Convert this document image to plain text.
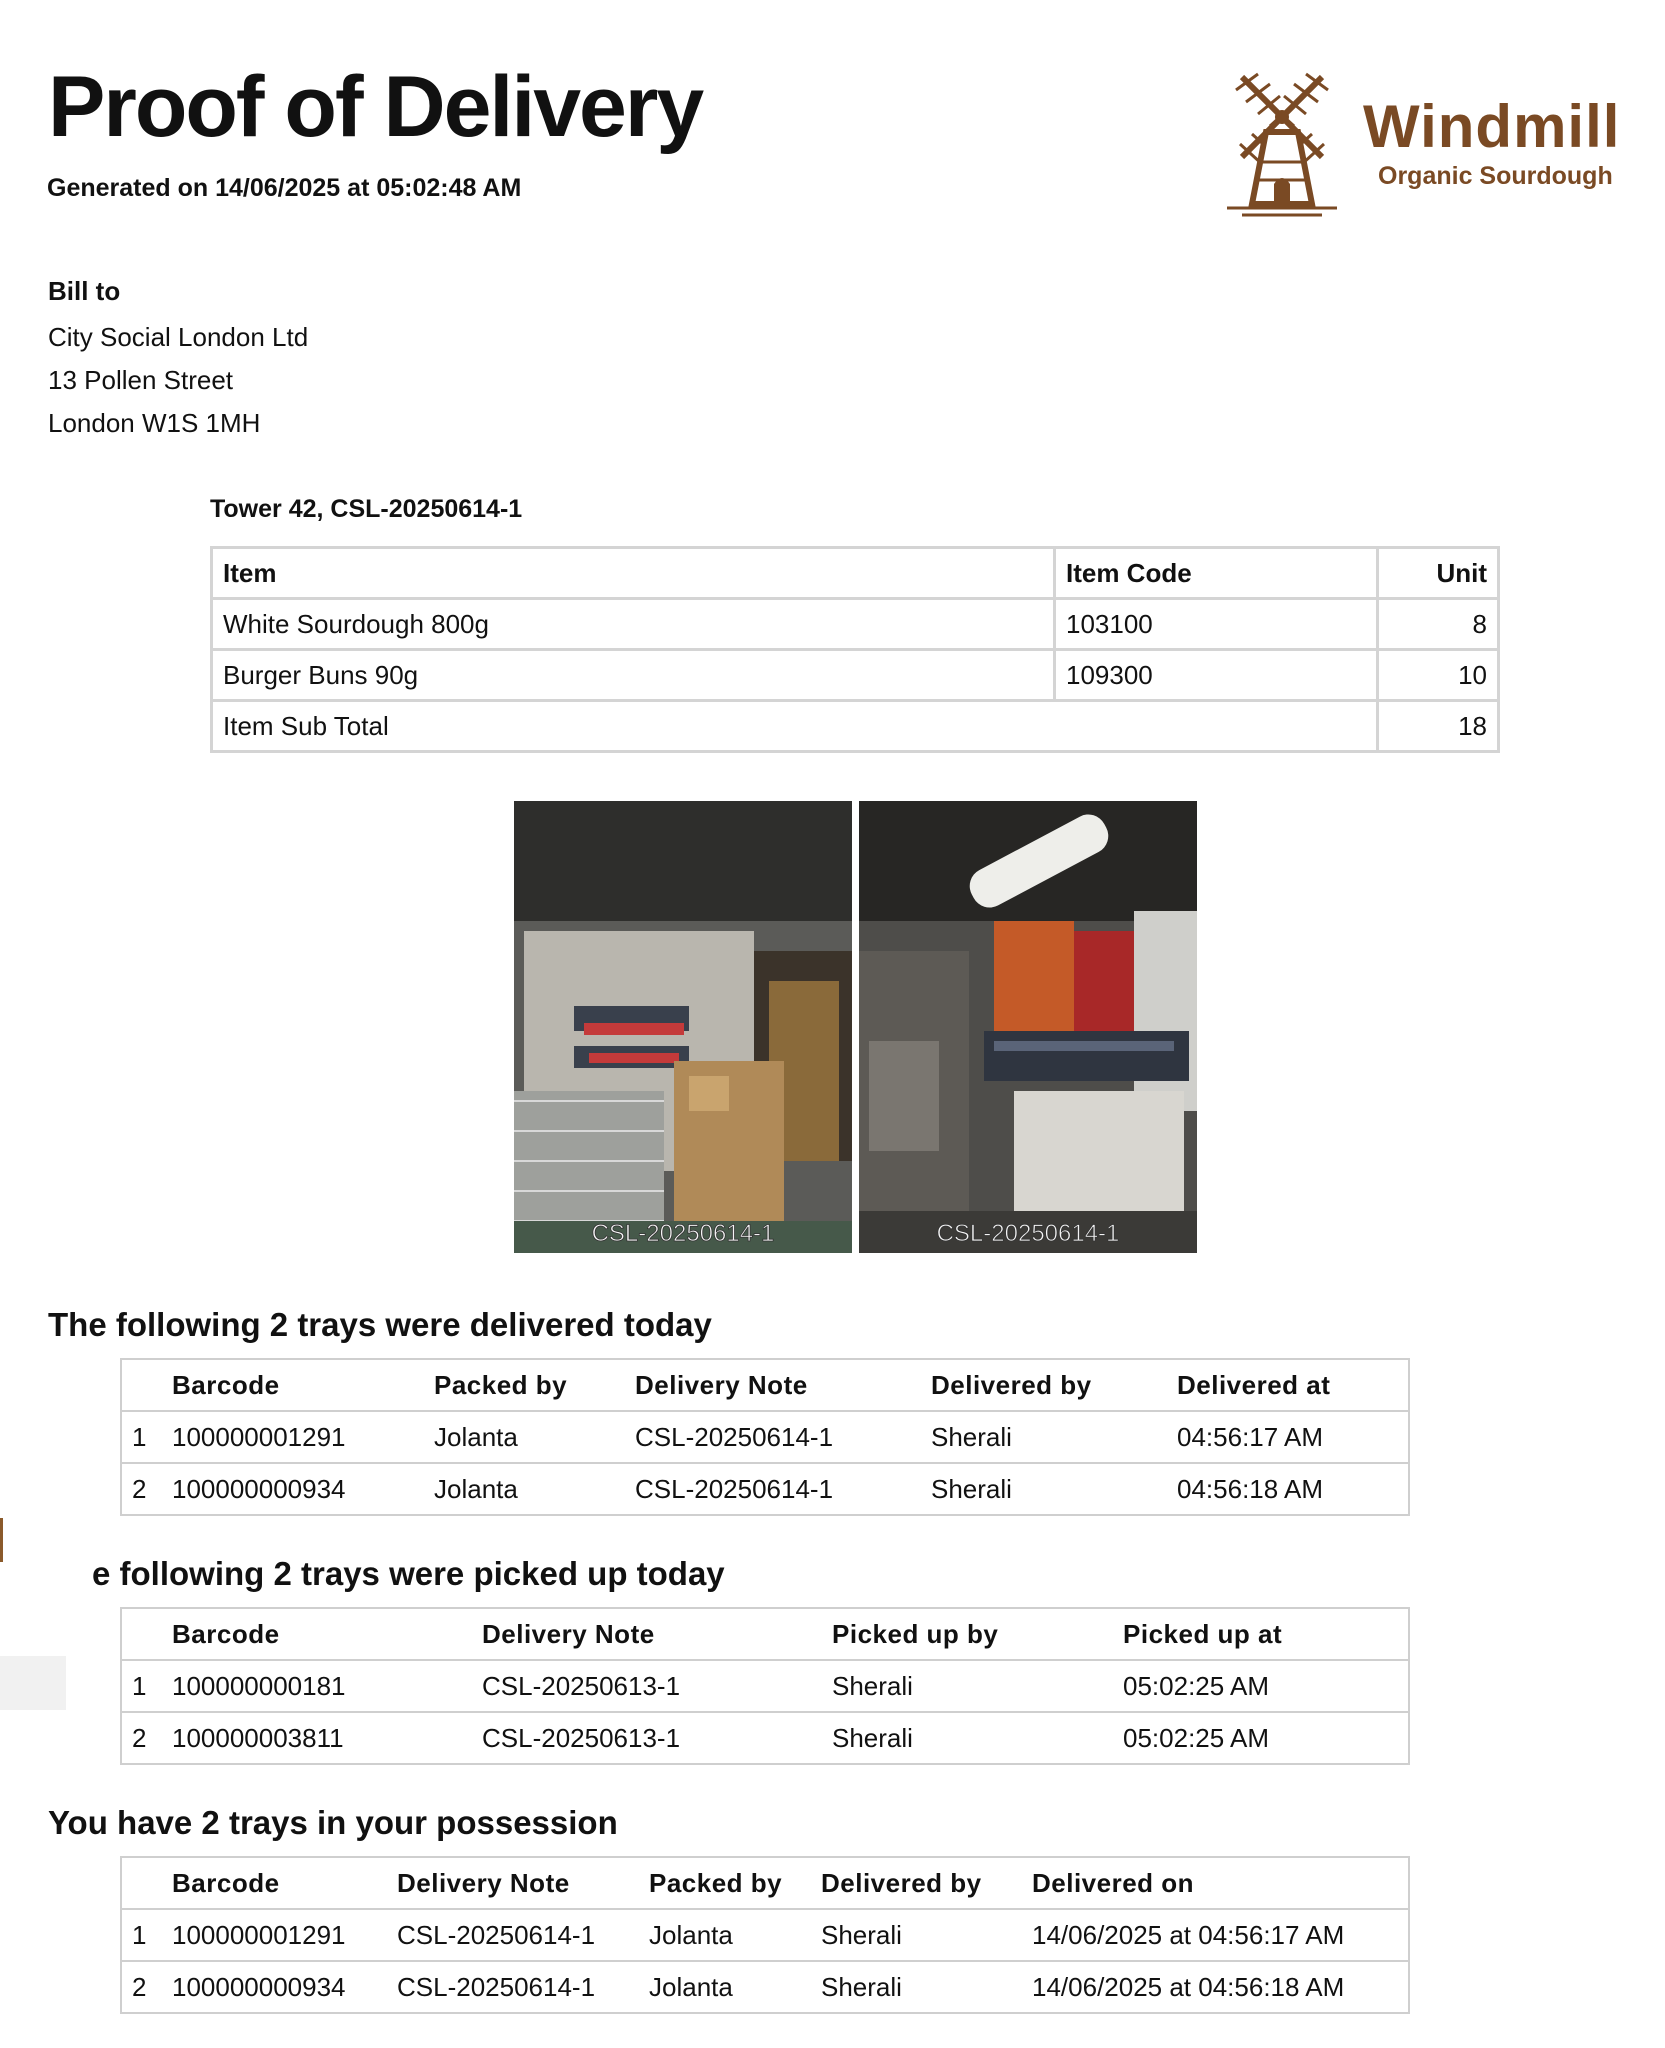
Proof of Delivery
Generated on 14/06/2025 at 05:02:48 AM
Windmill
Organic Sourdough
Bill to
City Social London Ltd
13 Pollen Street
London W1S 1MH
Tower 42, CSL-20250614-1
Item	Item Code	Unit
White Sourdough 800g	103100	8
Burger Buns 90g	109300	10
Item Sub Total		18
CSL-20250614-1	CSL-20250614-1
The following 2 trays were delivered today
	Barcode	Packed by	Delivery Note	Delivered by	Delivered at
1	100000001291	Jolanta	CSL-20250614-1	Sherali	04:56:17 AM
2	100000000934	Jolanta	CSL-20250614-1	Sherali	04:56:18 AM
e following 2 trays were picked up today
	Barcode	Delivery Note	Picked up by	Picked up at
1	100000000181	CSL-20250613-1	Sherali	05:02:25 AM
2	100000003811	CSL-20250613-1	Sherali	05:02:25 AM
You have 2 trays in your possession
	Barcode	Delivery Note	Packed by	Delivered by	Delivered on
1	100000001291	CSL-20250614-1	Jolanta	Sherali	14/06/2025 at 04:56:17 AM
2	100000000934	CSL-20250614-1	Jolanta	Sherali	14/06/2025 at 04:56:18 AM
